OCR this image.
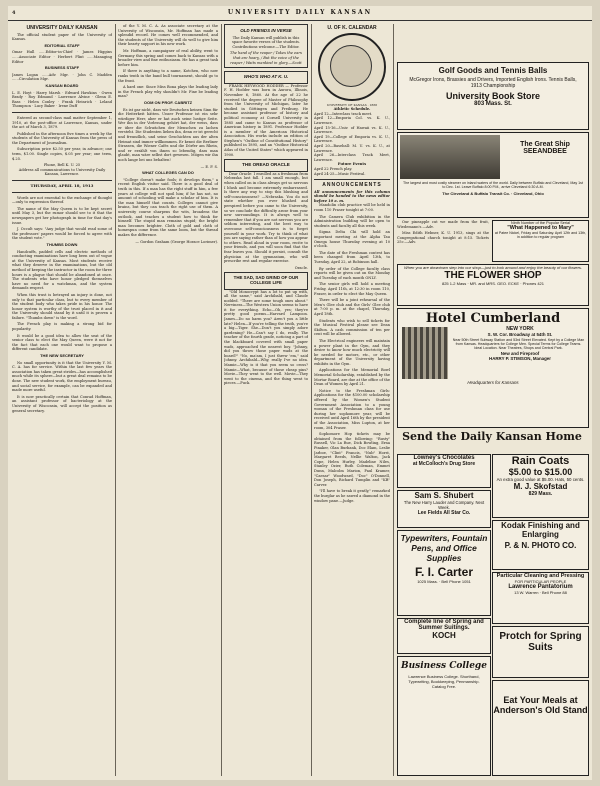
4	UNIVERSITY DAILY KANSAN
UNIVERSITY DAILY KANSAN
The official student paper of the University of Kansas.
EDITORIAL STAFF
Omar Hull ......Editor-in-Chief · James Higgins ......Associate Editor · Herbert Flint ......Managing Editor
BUSINESS STAFF
James Logan ......Adv. Mgr. · John C. Madden ......Circulation Mgr.
KANSAN BOARD
L. E. Hoyt · Harry Marsh · Edward Hawkins · Owen Brady · Roy Edmund · Lawrence Alvine · Glenn E. Bass · Helen Conley · Frank Heinrich · Leland Thompson · Lucy Baker · Irene Duff
Entered as second-class mail matter September 1, 1910, at the post-office at Lawrence, Kansas, under the act of March 3, 1879.
Published in the afternoon five times a week by the students of the University of Kansas from the press of the Department of Journalism.
Subscription price $2.50 per year, in advance; one term, $1.00. Single copies, $.05 per year; one term, $.25.
Phone, Bell K. U. 25
Address all communications to University Daily Kansan, Lawrence.
THURSDAY, APRIL 18, 1913
Words are not essential to the exchange of thought—only to expression thereof.
The name of the May Queen is to be kept secret until May 3, but the rumor should see to it that the newspapers get her photograph in time for that day's issue.
J. Occult says: "Any judge that would read some of the professors' papers would be forced to agree with the student vote."
THUMBS DOWN
Handcuffs, padded cells and electric methods of conducting examinations have long been out of vogue at the University of Kansas. Most students receive what they deserve in the examinations, but the old method of keeping the instructor in the room for three hours is a plague that should be abandoned at once. The students who have honor pledged themselves have no need for a watchman, and the system demands respect.
When this trust is betrayed an injury is done, not only to that particular class, but to every member of the student body who takes pride in his honor. The honor system is worthy of the trust placed in it and the University should stand by it until it is proven a failure. "Thumbs down" is the word.
The French play is making a strong bid for popularity.
It would be a good idea to allow the seat of the senior class to elect the May Queen, were it not for the fact that each one would want to propose a different candidate.
THE NEW SECRETARY
No small opportunity is it that the University Y. M. C. A. has for service. Within the last few years the association has taken great strides—has accomplished much while its sphere—but a great deal remains to be done. The new student work, the employment bureau, and social service, for example, can be expanded and made more useful.
It is now practically certain that Conrad Hoffman, an assistant professor of bacteriology at the University of Wisconsin, will accept the position as general secretary.
of the Y. M. C. A. As associate secretary at the University of Wisconsin, Mr. Hoffman has made a splendid record. He comes well recommended, and the students of the University will do well to give him their hearty support in his new work.
Mr. Hoffman, a campaigner of real ability, went to Germany this spring and comes back to Kansas with a broader view and fine enthusiasm. He has a great task before him.
If there is anything to a name, Kotchen, who now ranks tenth in the band bull tournament, should go to the front.
A hard one: Since Miss Bona plays the leading lady in the French play why shouldn't Mr. Fine be leading man?
OOM ON PROF. CABRITZ
Es ist gar nicht, dass wir Deutschen keinen Sinn für die Heiterkeit hätten. Unser Professor ist ein sehr würdiger Herr, aber er hat auch seine lustige Seite. Wer ihn in der Vorlesung gehört hat, der weiss, dass er über die Schwächen der Menschen zu lachen versteht. Die Studenten lieben ihn, denn er ist gerecht und freundlich, und seine Geschichten aus der alten Heimat sind immer willkommen. Er kennt die Berliner Strassen, die Wiener Cafés und die Dörfer am Rhein, und er erzählt von ihnen so lebendig, dass man glaubt, man wäre selbst dort gewesen. Mögen wir ihn noch lange bei uns behalten!
— E. F. S.
WHAT COLLEGES CAN DO
"College doesn't make fools; it develops them," a recent English visitor said. There is a good deal of truth in this. If a man has the right stuff in him, a few years at college will not spoil him; if he has not, no amount of schooling will make a scholar of him. It is the man himself that counts. Colleges cannot give brains, but they can teach the right use of them. A university course sharpens the wits, broadens the outlook, and teaches a student how to think for himself. The stupid man remains stupid; the bright man becomes brighter. Cloth of gold and cloth of homespun come from the same loom, but the thread makes the difference.
— Gordon Graham (George Horace Lorimer).
OLD FRIENDS IN VERSE
The Daily Kansan will publish in this space favorite verses of the students. Contributions welcome.—The Editor.
The hand of the reaper / Takes the ears that are hoary, / But the voice of the reaper / Waits mankind in glory.—Scott
WHO'S WHO AT K. U.
FRANK HEYWOOD HODDER — Professor F. H. Hodder was born in Aurora, Illinois, November 6, 1860. At the age of 22 he received the degree of Master of Philosophy from the University of Michigan, later he studied in Göttingen and Freiburg. He became assistant professor of history and political economy at Cornell University in 1885 and came to Kansas as professor of American history in 1891. Professor Hodder is a member of the American Historical Association. His works include an edition of Stephen's "Outline of Constitutional History" published in 1895, and an "Outline Historical Atlas of the United States" which appeared in 1900.
THE OREAD ORACLE
Dear Oracle: I enrolled as a freshman from Nebraska last fall. I am small enough, but when called on in class always get so nervous I blush and become extremely embarrassed. Is there any way to stop this blushing and self-consciousness? —Nebraska. You do not state whether you ever blushed and perspired before you came to the University, so we conclude the difficulty arose from your new surroundings. It is always well to remember that if you are not nervous you are seldom interesting, and the best way to overcome self-consciousness is to forget yourself in your work. Try to think of what you are saying rather than of how you appear to others. Read aloud in your room, recite to your friends, and you will soon find that the fear leaves you. Should it persist, consult the physician at the gymnasium, who will prescribe rest and regular exercise.
Oracle.
THE SAD, SAD GRIND OF OUR COLLEGE LIFE
"Old Monocrypt has a lot to put up with, all the same," said Archibald, and Claude nodded. "There are some tough ones about." Nerviness—The Western Union seems to have it for everything. Echo—Oh, yes; they're pretty good poems—Harvard Lampoon. James—Do no harm you? Aren't you a little late? Helen—If you're telling the truth, you're a big—Tiger. She—Don't you simply adore gardening? He—Can't say I do, really. The teacher of the fourth grade, noticing a part of the blackboard covered with small paper wads, approached the nearest boy. "Johnny, did you throw those paper wads at the board?" "No, ma'am, I just threw 'em," said Johnny. Archibald—Why, really I've no idea. Mamie—Why is it that you seem so cross? Mamie—What, because of those cheap pins? Movie—They went to the well. Movie—They went to the cinema, and the thing went to pieces.—Puck.
U. OF K. CALENDAR
UNIVERSITY OF KANSAS · 1866
Athletic Schedule.
April 12—Interclass track meet.
April 12—Emporia Col. vs. K. U., Lawrence.
April 15-16—Univ. of Hawaii vs. K. U., Lawrence.
April 19—College of Emporia vs. K. U., Lawrence.
April 20—Baseball: M. U. vs. K. U., at Lawrence.
April 26—Interclass Track Meet, Lawrence.
Future Events
April 22 French play.
April 24-25—Music Festival.
ANNOUNCEMENTS
All announcements for this column should be handed to the news editor before 10 a. m.
Mandolin club practice will be held in room 110 Fraser tonight at 7:00.
The Camera Club exhibition in the Administration building will be open to students and faculty all this week.
Sigma Delta Chi will hold an important meeting at the Alpha Tau Omega house Thursday evening at 10 o'clock.
The date of the Freshman contest has been changed from April 13th, to Tuesday, April 22, at Robinson hall.
By order of the College faculty class reports will be given out on the Monday and Tuesday of each month ONLY.
The senior girls will hold a meeting Friday, April 11th, at 12:30 in room 110, Fraser, in order to elect the May Queen.
There will be a joint rehearsal of the Men's Glee club and the Girls' Glee club at 7:00 p. m. at the chapel, Thursday, April 18th.
Students who wish to sell tickets for the Musical Festival please see Dean Skilton. A cash commission of ten per cent will be allowed.
The Electrical engineers will maintain a power plant in the Gym, and they desire to know how much electricity will be needed for motors, etc., or other department of the University having exhibits in the Gym.
Applications for the Memorial Bowl Memorial Scholarship, established by the Mortar Board, are due at the office of the Dean of Women by April 21.
Notice to the Freshman Girls: Applications for the $100.00 scholarship offered by the Women's Student Government Association to a young woman of the Freshman class for use during her sophomore year, will be received until April 16th by the president of the Association, Miss Lupton, at her room, 304 Fraser.
Sophomore Hop tickets may be obtained from the following: "Rusty" Russell, Vic La Rue, Dick Bowling, Erna Pinaker, Olan Burbank, Doc Elam, Leslie Jarboe, "Clint" Francis, "Nub" Horst, Margaret Reeds, Nellie Walton, Jack Cope, Helen Hurley, Madeline Niles, Stanley Ozier, Ruth Coleman, Emmet Dunn, Malcolm Marion, Paul Kramer, "Caesar" Woodward, "Doc" O'Donnell, Don Joseph, Richard Tumplin and "KB" Carver.
"I'll have to break it gently," remarked the burglar as he sawed a diamond in the window pane.—Judge.
Golf Goods and Tennis Balls
McGregor Irons, Brassies and Drivers, Imported English Irons. Tennis Balls, 1913 Championship
University Book Store
803 Mass. St.
The Great Ship SEEANDBEE
The largest and most costly steamer on inland waters of the world. Daily between Buffalo and Cleveland, May 1st to Dec. 1st. Leave Buffalo 8:00 P.M., arrive Cleveland 6:30 A.M.
The Cleveland & Buffalo Transit Co. · Cleveland, Ohio
Our pineapple cut we made from the fruit, Wiedemann's.—Adv.
Miss Edith Hebner, K. U. 1913, sings at the Congregational church tonight at 8:15. Tickets 25c.—Adv.
Ninth Number of the Popular Serial
"What Happened to Mary"
at Patee Nickel, Friday and Saturday. April 12th and 13th, in addition to regular program
When you are downtown step into our shop—just to look around and enjoy the beauty of our flowers.
THE FLOWER SHOP
825 1-2 Mass · MR. and MRS. GEO. ECKE · Phones 421
Hotel Cumberland
NEW YORK
S. W. Cor. Broadway at 54th St.
Near 50th Street Subway Station and 53rd Street Elevated. Kept by a College Man from Kansas. Headquarters for College Men. Special Terms for College Teams. Ideal Location. Near Theatres, Shops and Central Park.
New and Fireproof
HARRY P. STIMSON, Manager
Headquarters for Kansans
Send the Daily Kansan Home
Lowney's Chocolates
at McColloch's Drug Store
Sam S. Shubert
The New Harry Lauder and Company. Next Week.
Lee Fields All Star Co.
Typewriters, Fountain Pens, and Office Supplies
F. I. Carter
1025 Mass. · Bell Phone 1051
Complete line of Spring and Summer Suitings.
KOCH
Business College
Lawrence Business College. Shorthand, Typewriting, Bookkeeping, Penmanship. Catalog Free.
Rain Coats
$5.00 to $15.00
An extra good value at $5.00. Hats, 50 cents.
M. J. Skofstad
829 Mass.
Kodak Finishing and Enlarging
P. & N. PHOTO CO.
Particular Cleaning and Pressing
FOR PARTICULAR PEOPLE
Lawrence Pantatorium
13 W. Warren · Bell Phone 88
Protch for Spring Suits
Eat Your Meals at Anderson's Old Stand
